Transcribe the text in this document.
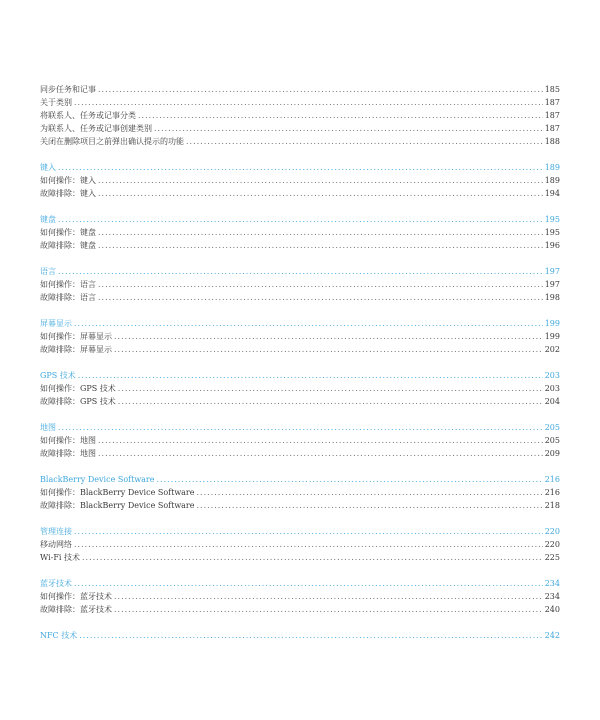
同步任务和记事 .....	185
关于类别 .....	187
将联系人、任务或记事分类 .....	187
为联系人、任务或记事创建类别 .....	187
关闭在删除项目之前弹出确认提示的功能 .....	188
键入 .....	189
如何操作：键入 .....	189
故障排除：键入 .....	194
键盘 .....	195
如何操作：键盘 .....	195
故障排除：键盘 .....	196
语言 .....	197
如何操作：语言 .....	197
故障排除：语言 .....	198
屏幕显示 .....	199
如何操作：屏幕显示 .....	199
故障排除：屏幕显示 .....	202
GPS 技术 .....	203
如何操作：GPS 技术 .....	203
故障排除：GPS 技术 .....	204
地图 .....	205
如何操作：地图 .....	205
故障排除：地图 .....	209
BlackBerry Device Software .....	216
如何操作：BlackBerry Device Software .....	216
故障排除：BlackBerry Device Software .....	218
管理连接 .....	220
移动网络 .....	220
Wi-Fi 技术 .....	225
蓝牙技术 .....	234
如何操作：蓝牙技术 .....	234
故障排除：蓝牙技术 .....	240
NFC 技术 .....	242
